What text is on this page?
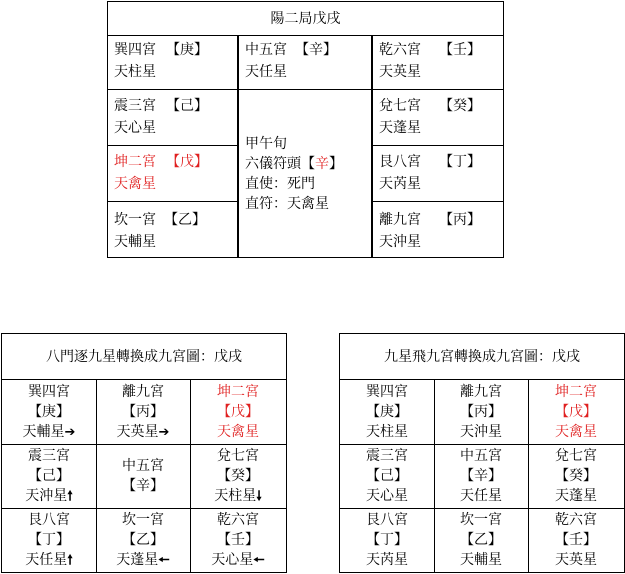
陽二局戊戌
巽四宮 【庚】
天柱星
震三宮 【己】
天心星
坤二宮 【戊】
天禽星
坎一宮 【乙】
天輔星
中五宮 【辛】
天任星
甲午旬
六儀符頭【辛】
直使：死門
直符：天禽星
乾六宮 【壬】
天英星
兌七宮 【癸】
天蓬星
艮八宮 【丁】
天芮星
離九宮 【丙】
天沖星
八門逐九星轉換成九宮圖：戊戌
巽四宮
【庚】
天輔星➔
離九宮
【丙】
天英星➔
坤二宮
【戊】
天禽星
震三宮
【己】
天沖星🠕
中五宮
【辛】
兌七宮
【癸】
天柱星🠗
艮八宮
【丁】
天任星🠕
坎一宮
【乙】
天蓬星🠔
乾六宮
【壬】
天心星🠔
九星飛九宮轉換成九宮圖：戊戌
巽四宮
【庚】
天柱星
離九宮
【丙】
天沖星
坤二宮
【戊】
天禽星
震三宮
【己】
天心星
中五宮
【辛】
天任星
兌七宮
【癸】
天蓬星
艮八宮
【丁】
天芮星
坎一宮
【乙】
天輔星
乾六宮
【壬】
天英星
